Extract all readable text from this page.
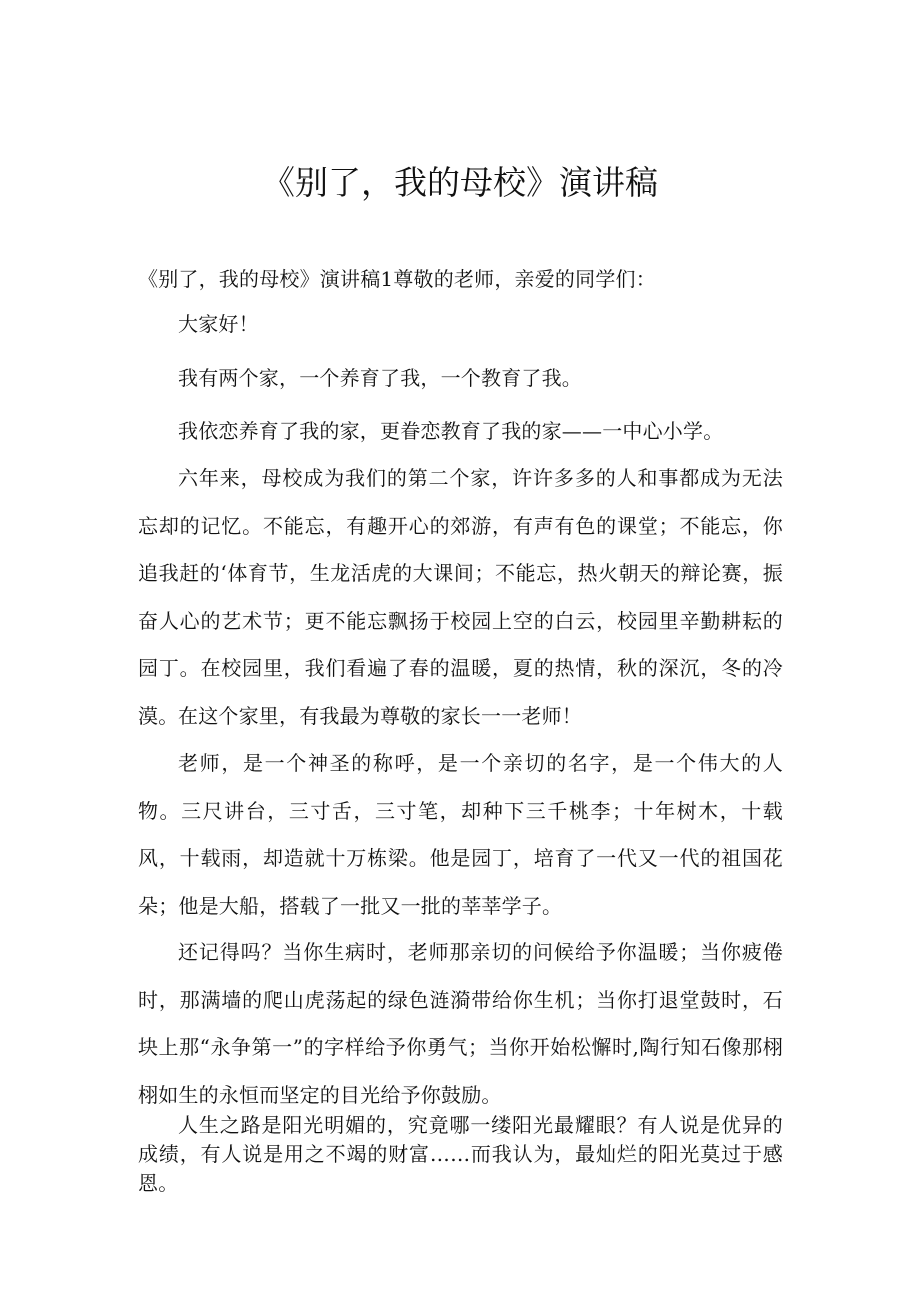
《别了，我的母校》演讲稿

《别了，我的母校》演讲稿1尊敬的老师，亲爱的同学们：

大家好！

我有两个家，一个养育了我，一个教育了我。

我依恋养育了我的家，更眷恋教育了我的家——一中心小学。

六年来，母校成为我们的第二个家，许许多多的人和事都成为无法忘却的记忆。不能忘，有趣开心的郊游，有声有色的课堂；不能忘，你追我赶的‘体育节，生龙活虎的大课间；不能忘，热火朝天的辩论赛，振奋人心的艺术节；更不能忘飘扬于校园上空的白云，校园里辛勤耕耘的园丁。在校园里，我们看遍了春的温暖，夏的热情，秋的深沉，冬的冷漠。 在这个家里，有我最为尊敬的家长一一老师！

老师，是一个神圣的称呼，是一个亲切的名字，是一个伟大的人物。三尺讲台，三寸舌，三寸笔，却种下三千桃李；十年树木，十载风，十载雨，却造就十万栋梁。他是园丁，培育了一代又一代的祖国花朵；他是大船，搭载了一批又一批的莘莘学子。

还记得吗？当你生病时，老师那亲切的问候给予你温暖；当你疲倦时，那满墙的爬山虎荡起的绿色涟漪带给你生机；当你打退堂鼓时，石块上那“永争第一”的字样给予你勇气；当你开始松懈时,陶行知石像那栩栩如生的永恒而坚定的目光给予你鼓励。

人生之路是阳光明媚的，究竟哪一缕阳光最耀眼？有人说是优异的成绩，有人说是用之不竭的财富……而我认为，最灿烂的阳光莫过于感恩。
